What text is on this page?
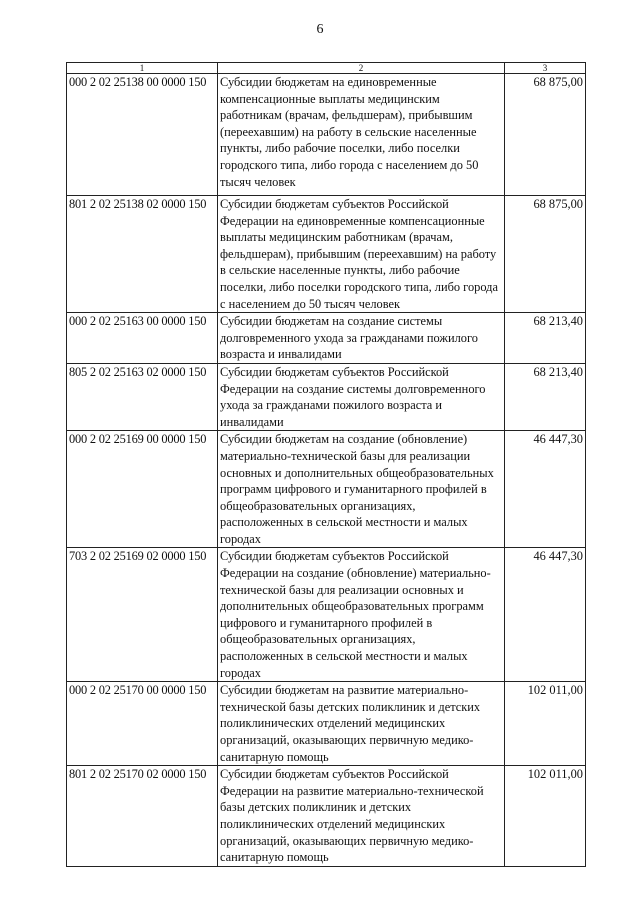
6
1	2	3
000 2 02 25138 00 0000 150	Субсидии бюджетам на единовременные компенсационные выплаты медицинским работникам (врачам, фельдшерам), прибывшим (переехавшим) на работу в сельские населенные пункты, либо рабочие поселки, либо поселки городского типа, либо города с населением до 50 тысяч человек	68 875,00
801 2 02 25138 02 0000 150	Субсидии бюджетам субъектов Российской Федерации на единовременные компенсационные выплаты медицинским работникам (врачам, фельдшерам), прибывшим (переехавшим) на работу в сельские населенные пункты, либо рабочие поселки, либо поселки городского типа, либо города с населением до 50 тысяч человек	68 875,00
000 2 02 25163 00 0000 150	Субсидии бюджетам на создание системы долговременного ухода за гражданами пожилого возраста и инвалидами	68 213,40
805 2 02 25163 02 0000 150	Субсидии бюджетам субъектов Российской Федерации на создание системы долговременного ухода за гражданами пожилого возраста и инвалидами	68 213,40
000 2 02 25169 00 0000 150	Субсидии бюджетам на создание (обновление) материально-технической базы для реализации основных и дополнительных общеобразовательных программ цифрового и гуманитарного профилей в общеобразовательных организациях, расположенных в сельской местности и малых городах	46 447,30
703 2 02 25169 02 0000 150	Субсидии бюджетам субъектов Российской Федерации на создание (обновление) материально-технической базы для реализации основных и дополнительных общеобразовательных программ цифрового и гуманитарного профилей в общеобразовательных организациях, расположенных в сельской местности и малых городах	46 447,30
000 2 02 25170 00 0000 150	Субсидии бюджетам на развитие материально-технической базы детских поликлиник и детских поликлинических отделений медицинских организаций, оказывающих первичную медико-санитарную помощь	102 011,00
801 2 02 25170 02 0000 150	Субсидии бюджетам субъектов Российской Федерации на развитие материально-технической базы детских поликлиник и детских поликлинических отделений медицинских организаций, оказывающих первичную медико-санитарную помощь	102 011,00
